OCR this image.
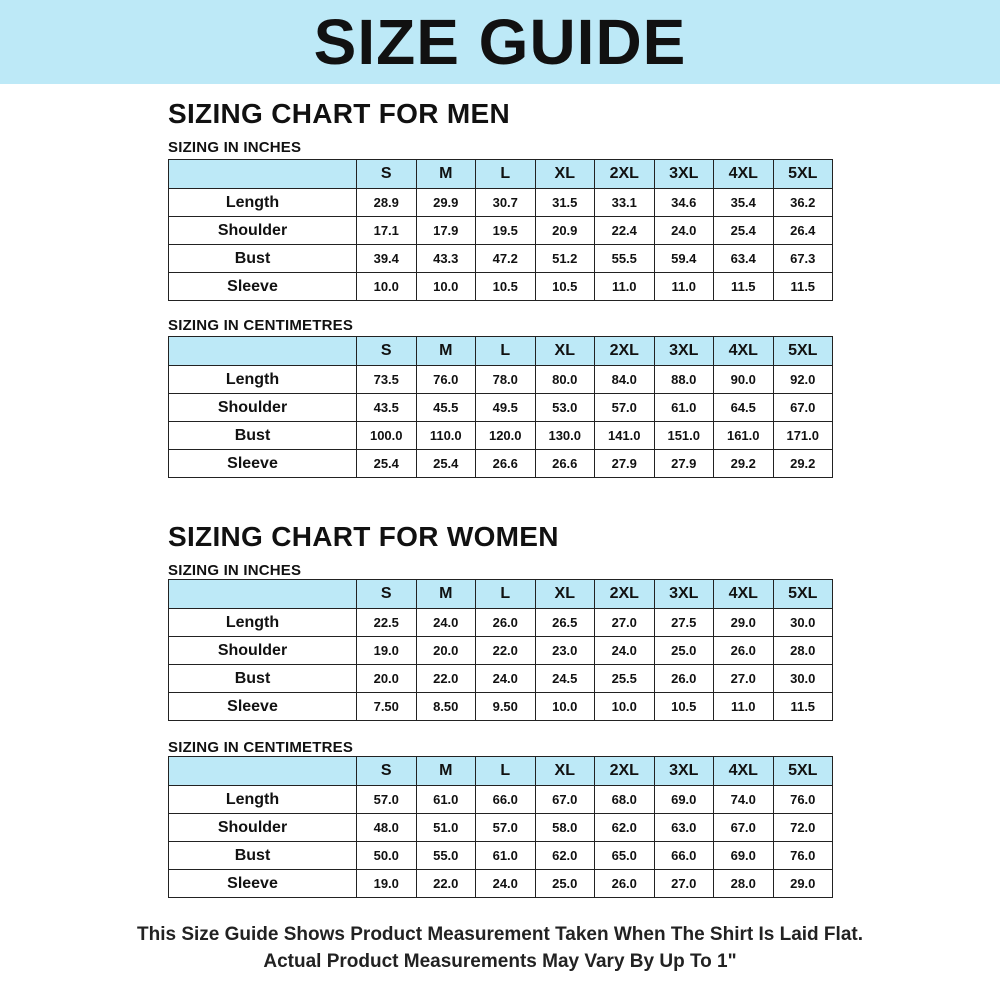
SIZE GUIDE
SIZING CHART FOR MEN
SIZING IN INCHES
	S	M	L	XL	2XL	3XL	4XL	5XL
Length	28.9	29.9	30.7	31.5	33.1	34.6	35.4	36.2
Shoulder	17.1	17.9	19.5	20.9	22.4	24.0	25.4	26.4
Bust	39.4	43.3	47.2	51.2	55.5	59.4	63.4	67.3
Sleeve	10.0	10.0	10.5	10.5	11.0	11.0	11.5	11.5
SIZING IN CENTIMETRES
	S	M	L	XL	2XL	3XL	4XL	5XL
Length	73.5	76.0	78.0	80.0	84.0	88.0	90.0	92.0
Shoulder	43.5	45.5	49.5	53.0	57.0	61.0	64.5	67.0
Bust	100.0	110.0	120.0	130.0	141.0	151.0	161.0	171.0
Sleeve	25.4	25.4	26.6	26.6	27.9	27.9	29.2	29.2
SIZING CHART FOR WOMEN
SIZING IN INCHES
	S	M	L	XL	2XL	3XL	4XL	5XL
Length	22.5	24.0	26.0	26.5	27.0	27.5	29.0	30.0
Shoulder	19.0	20.0	22.0	23.0	24.0	25.0	26.0	28.0
Bust	20.0	22.0	24.0	24.5	25.5	26.0	27.0	30.0
Sleeve	7.50	8.50	9.50	10.0	10.0	10.5	11.0	11.5
SIZING IN CENTIMETRES
	S	M	L	XL	2XL	3XL	4XL	5XL
Length	57.0	61.0	66.0	67.0	68.0	69.0	74.0	76.0
Shoulder	48.0	51.0	57.0	58.0	62.0	63.0	67.0	72.0
Bust	50.0	55.0	61.0	62.0	65.0	66.0	69.0	76.0
Sleeve	19.0	22.0	24.0	25.0	26.0	27.0	28.0	29.0
This Size Guide Shows Product Measurement Taken When The Shirt Is Laid Flat.
Actual Product Measurements May Vary By Up To 1"
